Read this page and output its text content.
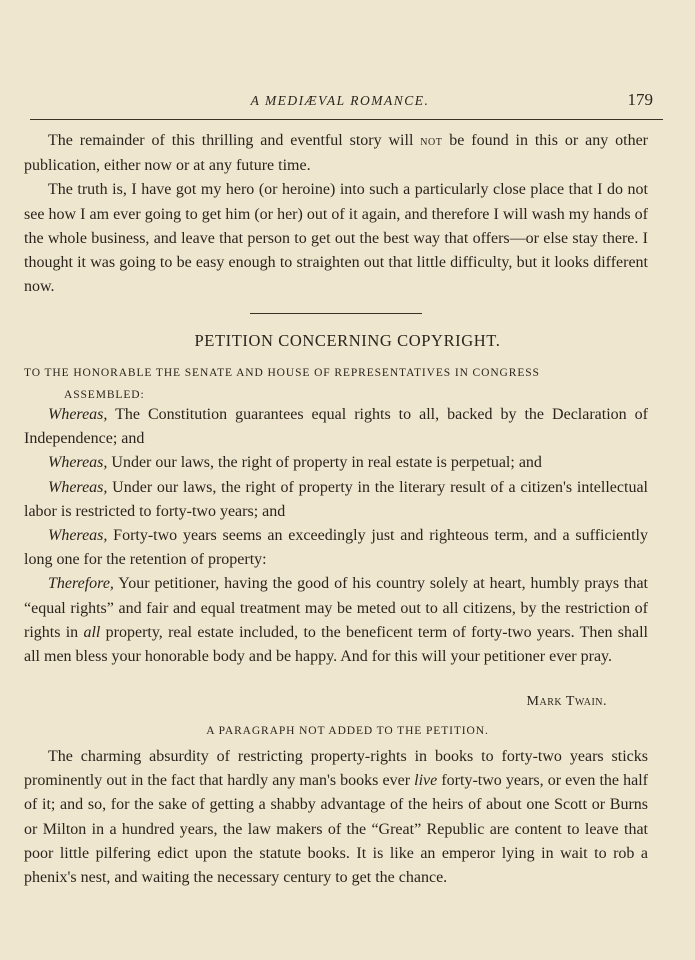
A MEDIÆVAL ROMANCE.	179

The remainder of this thrilling and eventful story will not be found in this or any other publication, either now or at any future time.

The truth is, I have got my hero (or heroine) into such a particularly close place that I do not see how I am ever going to get him (or her) out of it again, and therefore I will wash my hands of the whole business, and leave that person to get out the best way that offers—or else stay there. I thought it was going to be easy enough to straighten out that little difficulty, but it looks different now.

PETITION CONCERNING COPYRIGHT.
TO THE HONORABLE THE SENATE AND HOUSE OF REPRESENTATIVES IN CONGRESS
ASSEMBLED:

Whereas, The Constitution guarantees equal rights to all, backed by the Declaration of Independence; and

Whereas, Under our laws, the right of property in real estate is perpetual; and

Whereas, Under our laws, the right of property in the literary result of a citizen's intellectual labor is restricted to forty-two years; and

Whereas, Forty-two years seems an exceedingly just and righteous term, and a sufficiently long one for the retention of property:

Therefore, Your petitioner, having the good of his country solely at heart, humbly prays that “equal rights” and fair and equal treatment may be meted out to all citizens, by the restriction of rights in all property, real estate included, to the beneficent term of forty-two years. Then shall all men bless your honorable body and be happy. And for this will your petitioner ever pray.

Mark Twain.
A PARAGRAPH NOT ADDED TO THE PETITION.

The charming absurdity of restricting property-rights in books to forty-two years sticks prominently out in the fact that hardly any man's books ever live forty-two years, or even the half of it; and so, for the sake of getting a shabby advantage of the heirs of about one Scott or Burns or Milton in a hundred years, the law makers of the “Great” Republic are content to leave that poor little pilfering edict upon the statute books. It is like an emperor lying in wait to rob a phenix's nest, and waiting the necessary century to get the chance.
